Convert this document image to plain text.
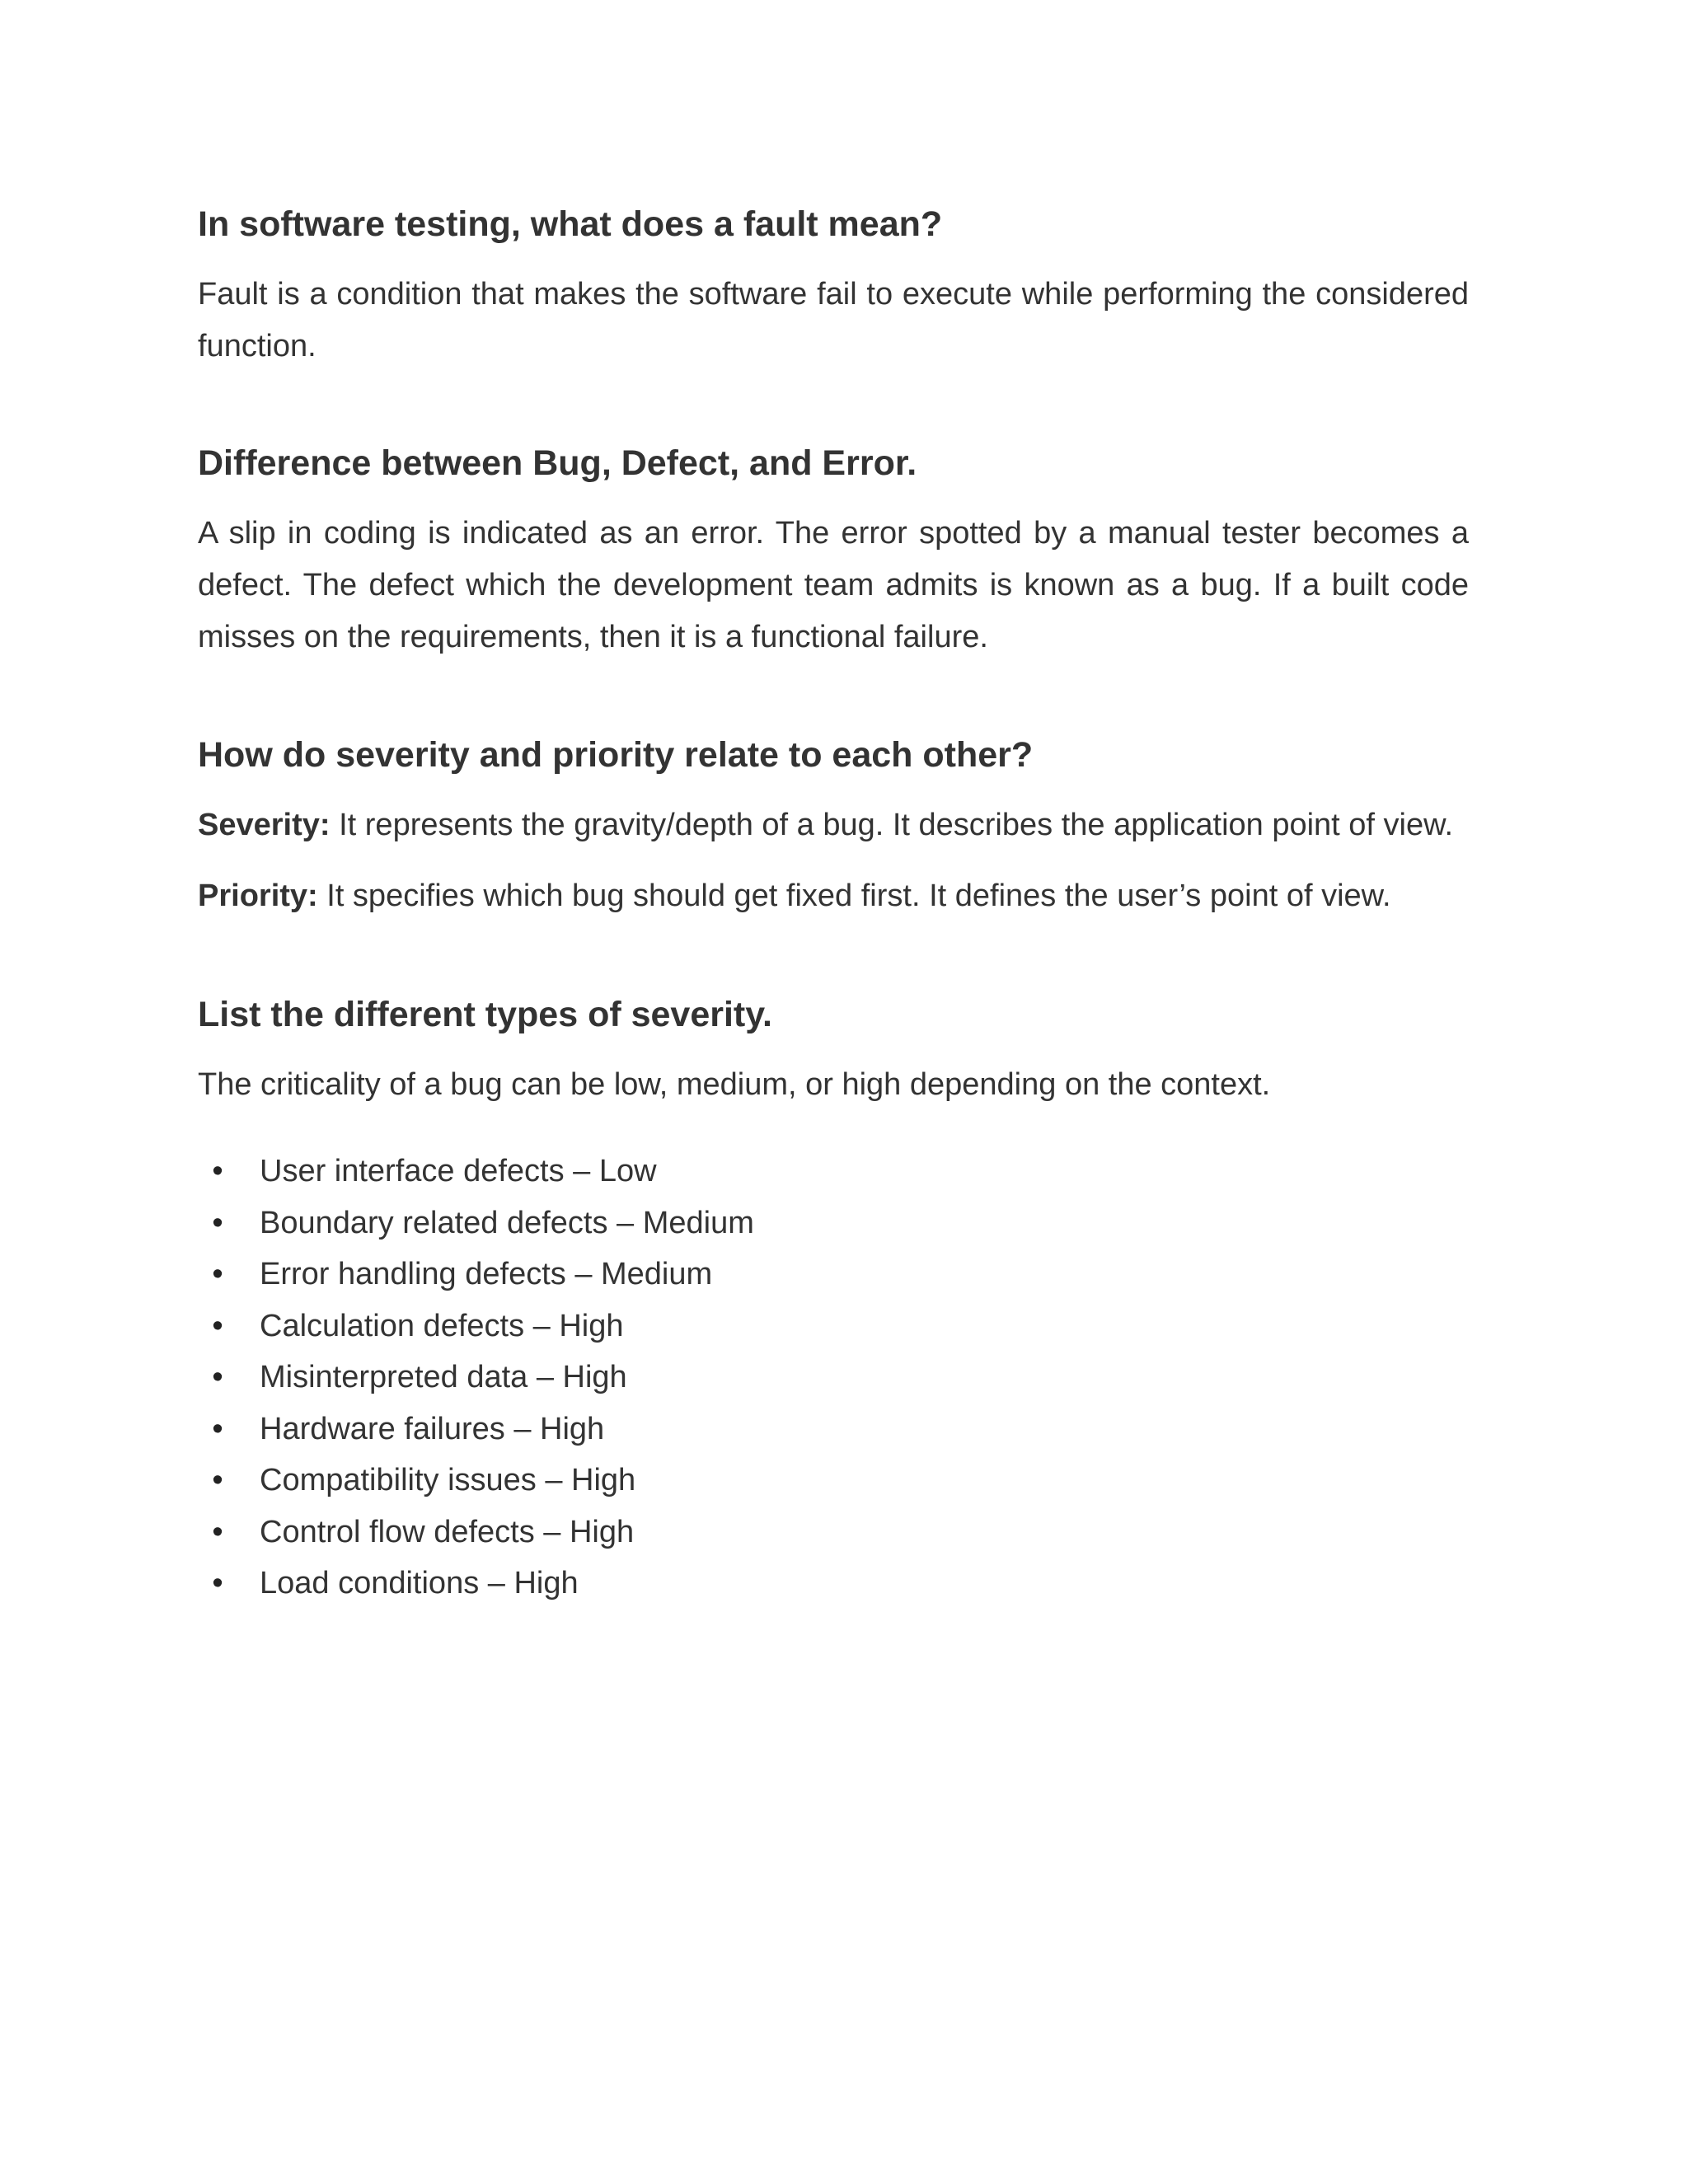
In software testing, what does a fault mean?

Fault is a condition that makes the software fail to execute while performing the considered function.

Difference between Bug, Defect, and Error.

A slip in coding is indicated as an error. The error spotted by a manual tester becomes a defect. The defect which the development team admits is known as a bug. If a built code misses on the requirements, then it is a functional failure.

How do severity and priority relate to each other?

Severity: It represents the gravity/depth of a bug. It describes the application point of view.

Priority: It specifies which bug should get fixed first. It defines the user’s point of view.

List the different types of severity.

The criticality of a bug can be low, medium, or high depending on the context.

• User interface defects – Low
• Boundary related defects – Medium
• Error handling defects – Medium
• Calculation defects – High
• Misinterpreted data – High
• Hardware failures – High
• Compatibility issues – High
• Control flow defects – High
• Load conditions – High
